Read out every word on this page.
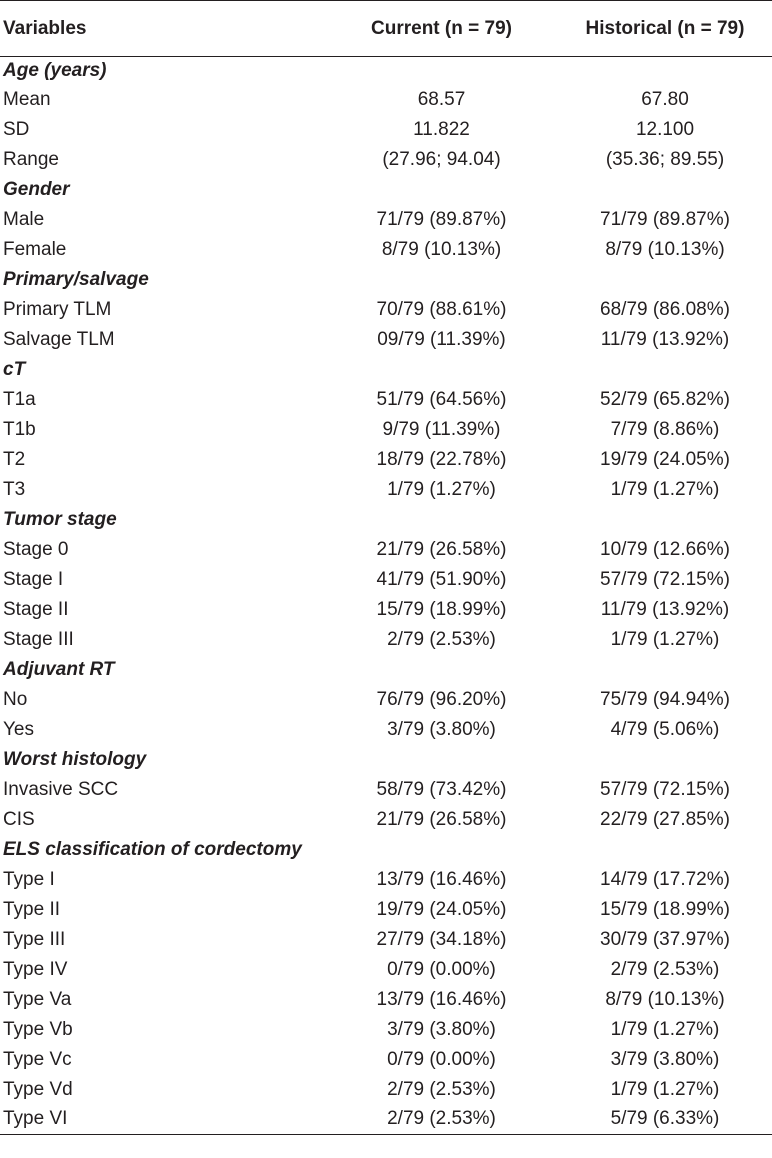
Variables	Current (n = 79)	Historical (n = 79)
Age (years)		
Mean	68.57	67.80
SD	11.822	12.100
Range	(27.96; 94.04)	(35.36; 89.55)
Gender		
Male	71/79 (89.87%)	71/79 (89.87%)
Female	8/79 (10.13%)	8/79 (10.13%)
Primary/salvage		
Primary TLM	70/79 (88.61%)	68/79 (86.08%)
Salvage TLM	09/79 (11.39%)	11/79 (13.92%)
cT		
T1a	51/79 (64.56%)	52/79 (65.82%)
T1b	9/79 (11.39%)	7/79 (8.86%)
T2	18/79 (22.78%)	19/79 (24.05%)
T3	1/79 (1.27%)	1/79 (1.27%)
Tumor stage		
Stage 0	21/79 (26.58%)	10/79 (12.66%)
Stage I	41/79 (51.90%)	57/79 (72.15%)
Stage II	15/79 (18.99%)	11/79 (13.92%)
Stage III	2/79 (2.53%)	1/79 (1.27%)
Adjuvant RT		
No	76/79 (96.20%)	75/79 (94.94%)
Yes	3/79 (3.80%)	4/79 (5.06%)
Worst histology		
Invasive SCC	58/79 (73.42%)	57/79 (72.15%)
CIS	21/79 (26.58%)	22/79 (27.85%)
ELS classification of cordectomy		
Type I	13/79 (16.46%)	14/79 (17.72%)
Type II	19/79 (24.05%)	15/79 (18.99%)
Type III	27/79 (34.18%)	30/79 (37.97%)
Type IV	0/79 (0.00%)	2/79 (2.53%)
Type Va	13/79 (16.46%)	8/79 (10.13%)
Type Vb	3/79 (3.80%)	1/79 (1.27%)
Type Vc	0/79 (0.00%)	3/79 (3.80%)
Type Vd	2/79 (2.53%)	1/79 (1.27%)
Type VI	2/79 (2.53%)	5/79 (6.33%)
